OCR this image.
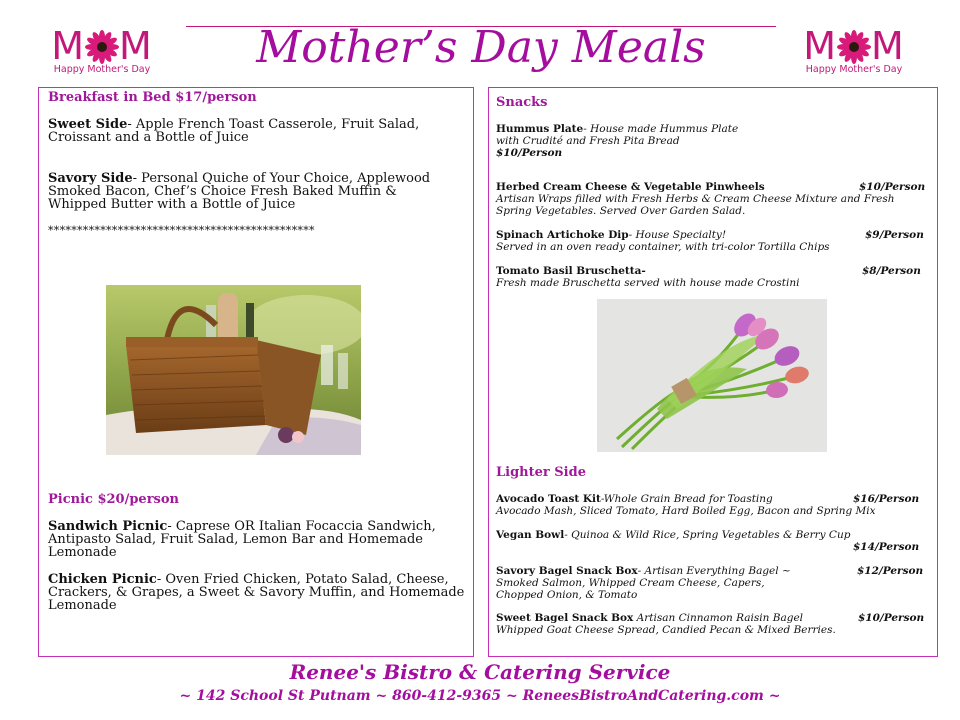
M M
Happy Mother's Day
M M
Happy Mother's Day
Mother’s Day Meals
Breakfast in Bed $17/person
Sweet Side- Apple French Toast Casserole, Fruit Salad, Croissant and a Bottle of Juice
Savory Side- Personal Quiche of Your Choice, Applewood Smoked Bacon, Chef’s Choice Fresh Baked Muffin & Whipped Butter with a Bottle of Juice
**********************************************
Picnic $20/person
Sandwich Picnic- Caprese OR Italian Focaccia Sandwich, Antipasto Salad, Fruit Salad, Lemon Bar and Homemade Lemonade
Chicken Picnic- Oven Fried Chicken, Potato Salad, Cheese, Crackers, & Grapes, a Sweet & Savory Muffin, and Homemade Lemonade
Snacks
Hummus Plate- House made Hummus Plate
with Crudité and Fresh Pita Bread
$10/Person
Herbed Cream Cheese & Vegetable Pinwheels	$10/Person
Artisan Wraps filled with Fresh Herbs & Cream Cheese Mixture and Fresh Spring Vegetables. Served Over Garden Salad.
Spinach Artichoke Dip- House Specialty!	$9/Person
Served in an oven ready container, with tri-color Tortilla Chips
Tomato Basil Bruschetta-	$8/Person
Fresh made Bruschetta served with house made Crostini
Lighter Side
Avocado Toast Kit-Whole Grain Bread for Toasting	$16/Person
Avocado Mash, Sliced Tomato, Hard Boiled Egg, Bacon and Spring Mix
Vegan Bowl- Quinoa & Wild Rice, Spring Vegetables & Berry Cup
$14/Person
Savory Bagel Snack Box- Artisan Everything Bagel ~	$12/Person
Smoked Salmon, Whipped Cream Cheese, Capers, Chopped Onion, & Tomato
Sweet Bagel Snack Box Artisan Cinnamon Raisin Bagel	$10/Person
Whipped Goat Cheese Spread, Candied Pecan & Mixed Berries.
Renee's Bistro & Catering Service
~ 142 School St Putnam ~ 860-412-9365 ~ ReneesBistroAndCatering.com ~
